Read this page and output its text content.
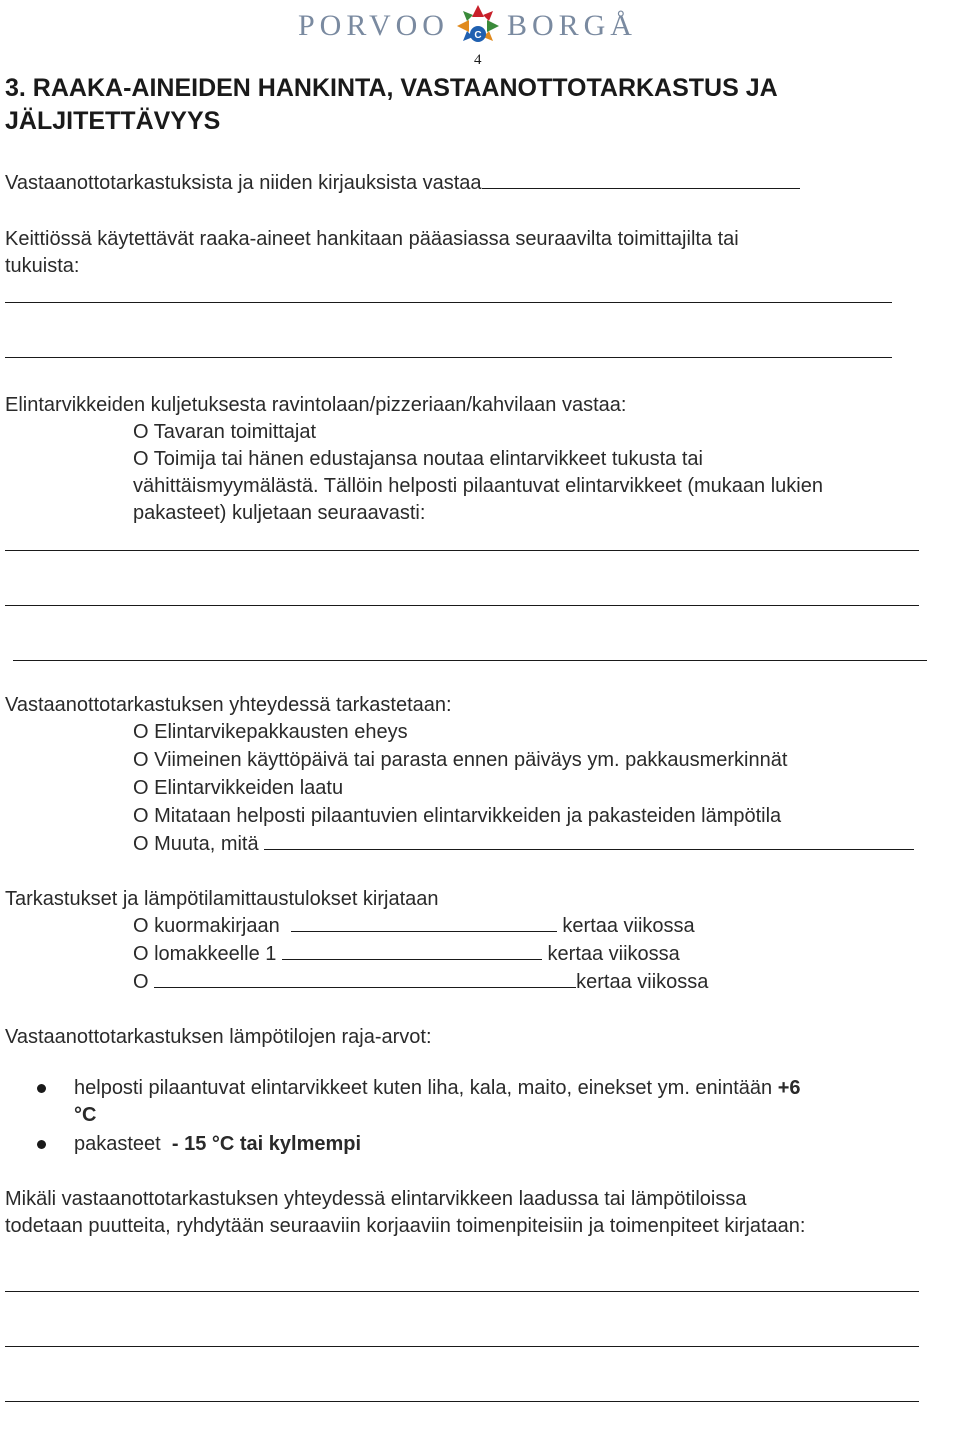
PORVOO	C BORGÅ
4
3. RAAKA-AINEIDEN HANKINTA, VASTAANOTTOTARKASTUS JA JÄLJITETTÄVYYS
Vastaanottotarkastuksista ja niiden kirjauksista vastaa
Keittiössä käytettävät raaka-aineet hankitaan pääasiassa seuraavilta toimittajilta tai
tukuista:
Elintarvikkeiden kuljetuksesta ravintolaan/pizzeriaan/kahvilaan vastaa:
O Tavaran toimittajat
O Toimija tai hänen edustajansa noutaa elintarvikkeet tukusta tai
vähittäismyymälästä. Tällöin helposti pilaantuvat elintarvikkeet (mukaan lukien
pakasteet) kuljetaan seuraavasti:
Vastaanottotarkastuksen yhteydessä tarkastetaan:
O Elintarvikepakkausten eheys
O Viimeinen käyttöpäivä tai parasta ennen päiväys ym. pakkausmerkinnät
O Elintarvikkeiden laatu
O Mitataan helposti pilaantuvien elintarvikkeiden ja pakasteiden lämpötila
O Muuta, mitä
Tarkastukset ja lämpötilamittaustulokset kirjataan
O kuormakirjaan	kertaa viikossa
O lomakkeelle 1	kertaa viikossa
O	kertaa viikossa
Vastaanottotarkastuksen lämpötilojen raja-arvot:
helposti pilaantuvat elintarvikkeet kuten liha, kala, maito, einekset ym. enintään +6
°C
pakasteet - 15 °C tai kylmempi
Mikäli vastaanottotarkastuksen yhteydessä elintarvikkeen laadussa tai lämpötiloissa
todetaan puutteita, ryhdytään seuraaviin korjaaviin toimenpiteisiin ja toimenpiteet kirjataan:
